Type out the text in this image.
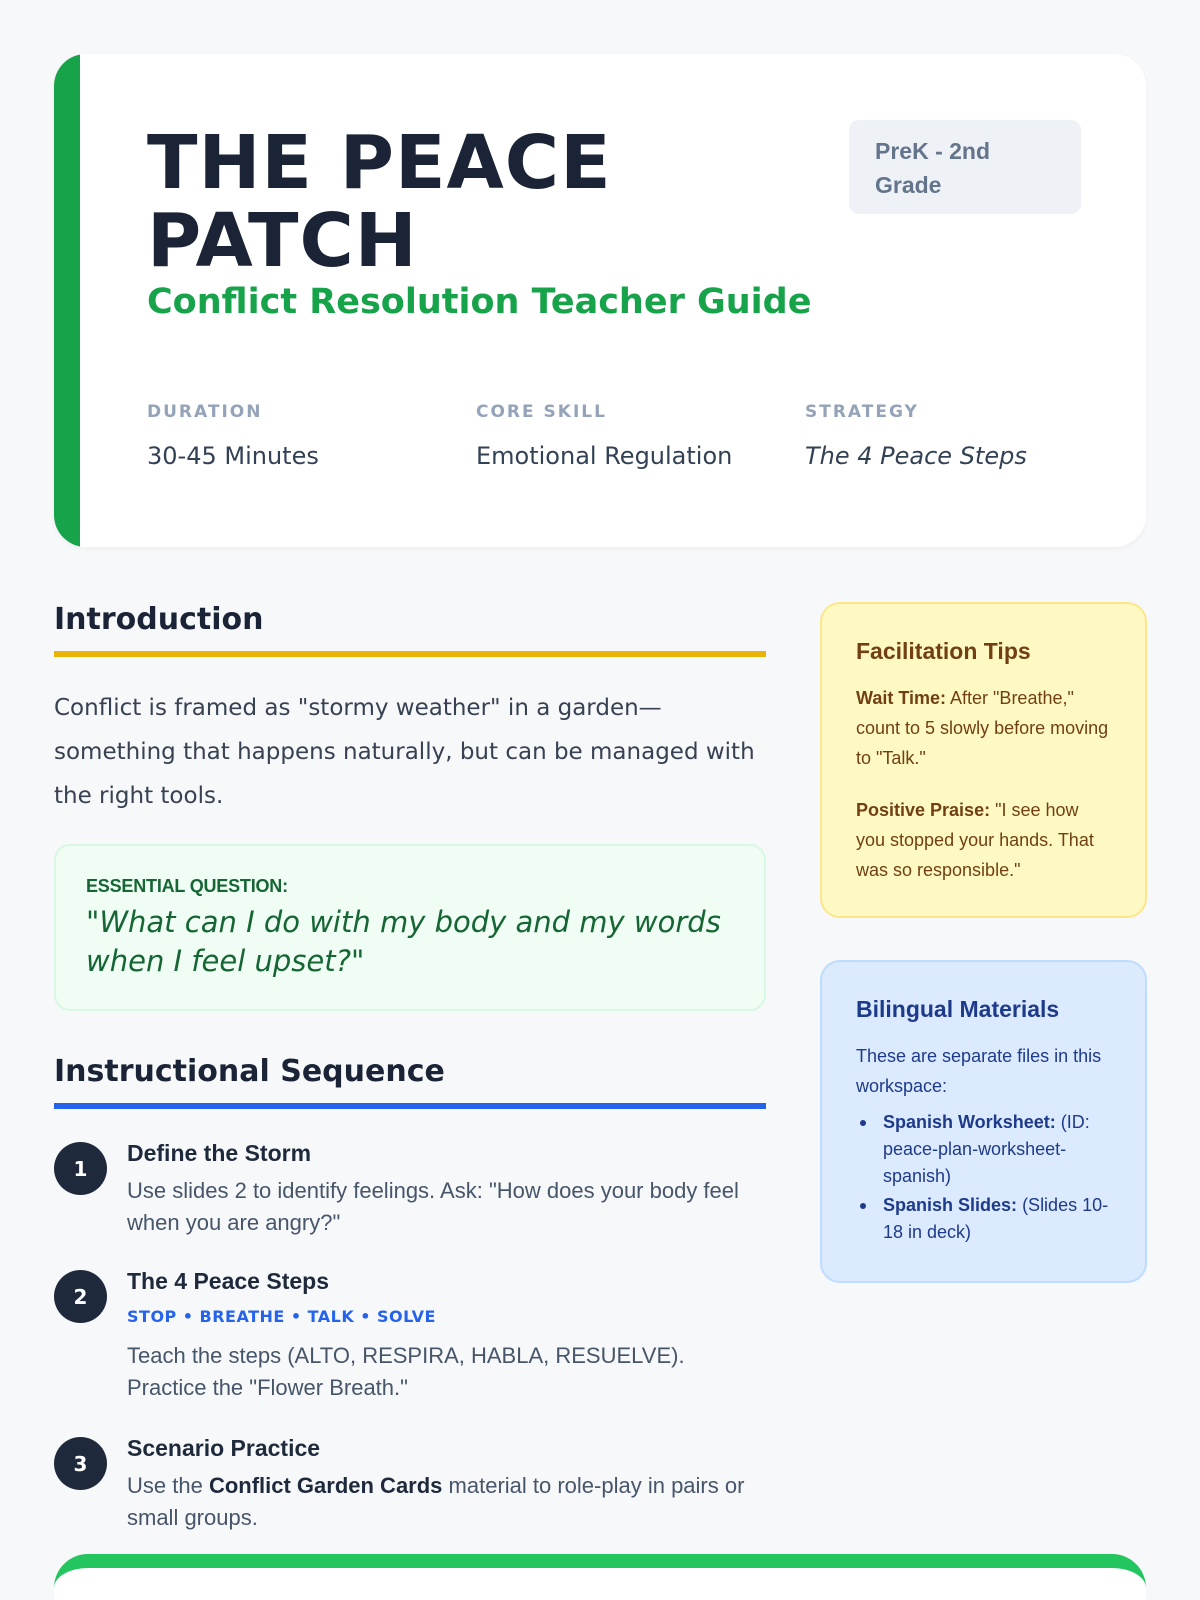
THE PEACE PATCH
Conflict Resolution Teacher Guide
PreK - 2nd Grade
DURATION
30-45 Minutes
CORE SKILL
Emotional Regulation
STRATEGY
The 4 Peace Steps
Introduction
Conflict is framed as "stormy weather" in a garden—something that happens naturally, but can be managed with the right tools.
ESSENTIAL QUESTION:
"What can I do with my body and my words when I feel upset?"
Instructional Sequence
1
Define the Storm
Use slides 2 to identify feelings. Ask: "How does your body feel when you are angry?"
2
The 4 Peace Steps
STOP • BREATHE • TALK • SOLVE
Teach the steps (ALTO, RESPIRA, HABLA, RESUELVE). Practice the "Flower Breath."
3
Scenario Practice
Use the Conflict Garden Cards material to role-play in pairs or small groups.
Facilitation Tips
Wait Time: After "Breathe," count to 5 slowly before moving to "Talk."
Positive Praise: "I see how you stopped your hands. That was so responsible."
Bilingual Materials
These are separate files in this workspace:
Spanish Worksheet: (ID: peace-plan-worksheet-spanish)
Spanish Slides: (Slides 10-18 in deck)
